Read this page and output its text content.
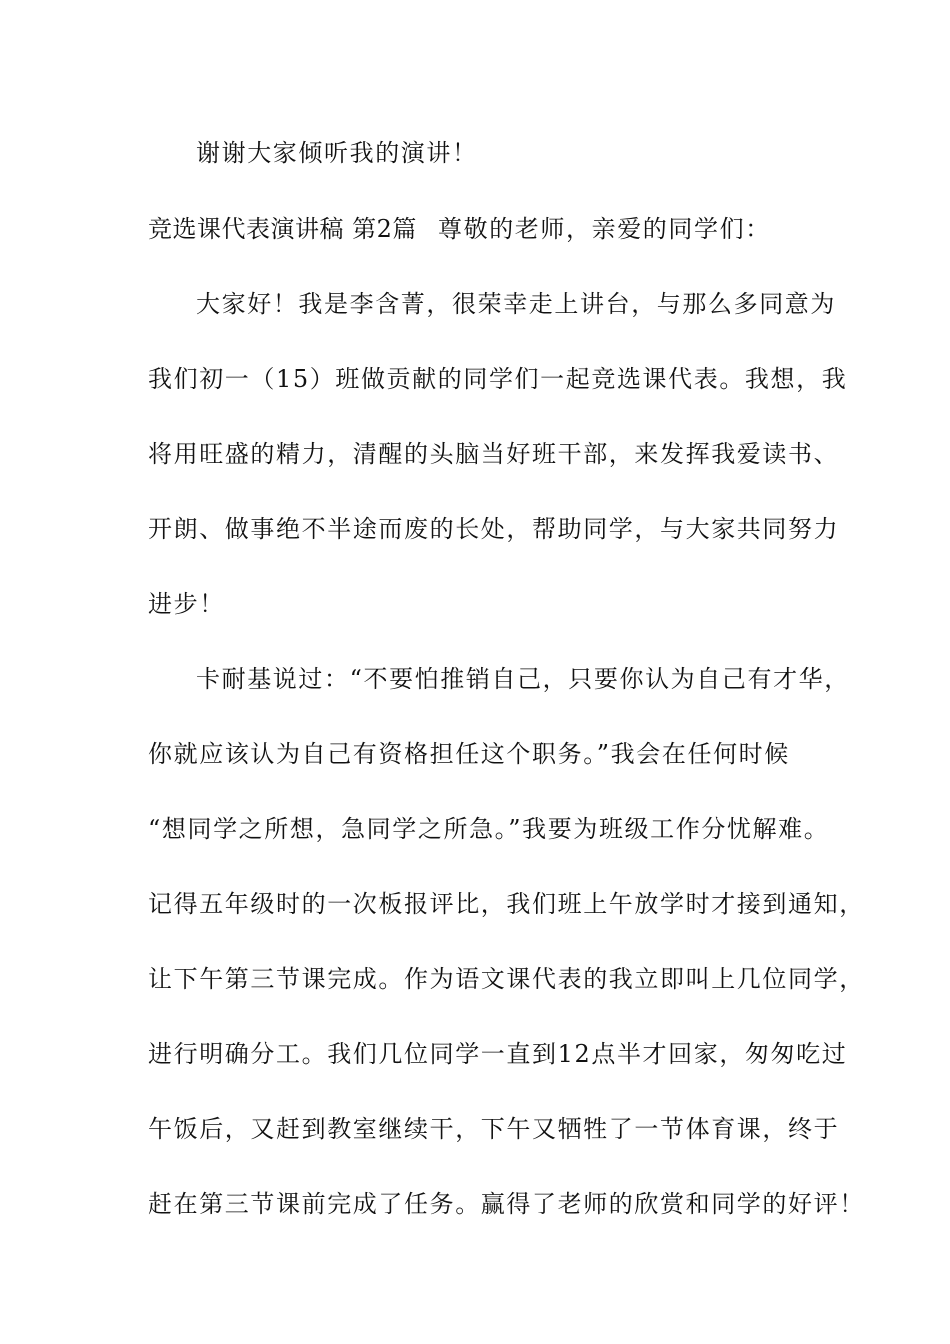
谢谢大家倾听我的演讲！
竞选课代表演讲稿 第2篇 尊敬的老师，亲爱的同学们：
大家好！我是李含菁，很荣幸走上讲台，与那么多同意为
我们初一（15）班做贡献的同学们一起竞选课代表。我想，我
将用旺盛的精力，清醒的头脑当好班干部，来发挥我爱读书、
开朗、做事绝不半途而废的长处，帮助同学，与大家共同努力
进步！
卡耐基说过：“不要怕推销自己，只要你认为自己有才华，
你就应该认为自己有资格担任这个职务。”我会在任何时候
“想同学之所想，急同学之所急。”我要为班级工作分忧解难。
记得五年级时的一次板报评比，我们班上午放学时才接到通知，
让下午第三节课完成。作为语文课代表的我立即叫上几位同学，
进行明确分工。我们几位同学一直到12点半才回家，匆匆吃过
午饭后，又赶到教室继续干，下午又牺牲了一节体育课，终于
赶在第三节课前完成了任务。赢得了老师的欣赏和同学的好评！
